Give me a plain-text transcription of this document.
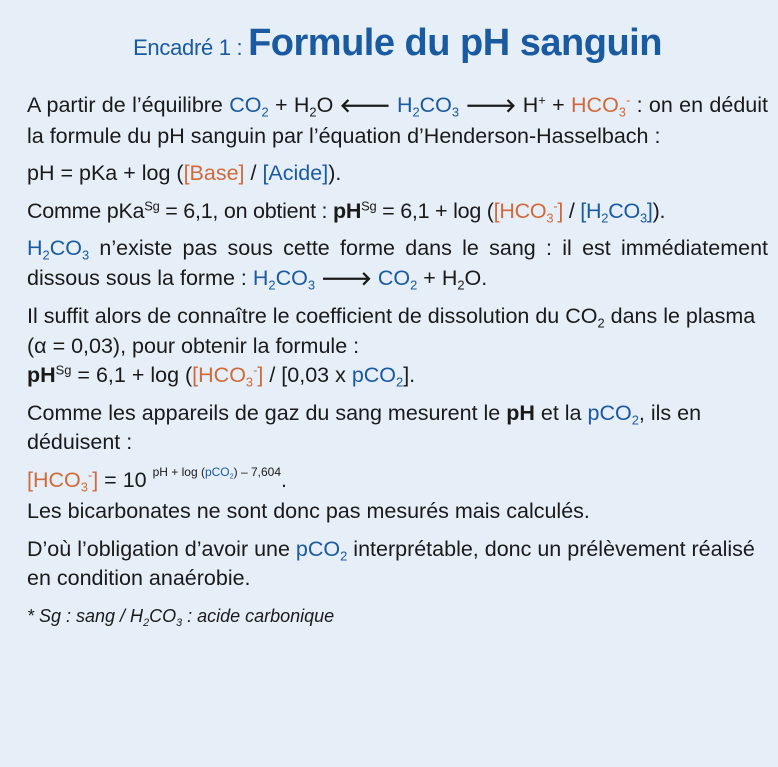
Encadré 1 : Formule du pH sanguin

A partir de l’équilibre $CO_2 + H_2O$ 🡐 $H_2CO_3$ 🡒 $H^+ + HCO_3^-$ : on en déduit la formule du pH sanguin par l’équation d’Henderson-Hasselbach :

pH = pKa + log ([Base] / [Acide]).

Comme pKa$^{Sg}$ = 6,1, on obtient : $pH^{Sg} = 6,1 + \log ([HCO_3^-] / [H_2CO_3])$.

$H_2CO_3$ n’existe pas sous cette forme dans le sang : il est immédiatement dissous sous la forme : $H_2CO_3$ 🡒 $CO_2 + H_2O$.

Il suffit alors de connaître le coefficient de dissolution du $CO_2$ dans le plasma (α = 0,03), pour obtenir la formule :
$pH^{Sg} = 6,1 + \log ([HCO_3^-] / [0,03$ x pCO$_2$].

Comme les appareils de gaz du sang mesurent le pH et la pCO$_2$, ils en déduisent :

$[HCO_3^-] = 10$ $^{pH + log (pCO_2) - 7,604}$.

Les bicarbonates ne sont donc pas mesurés mais calculés.

D’où l’obligation d’avoir une pCO$_2$ interprétable, donc un prélèvement réalisé en condition anaérobie.

* Sg : sang / $H_2CO_3$ : acide carbonique
